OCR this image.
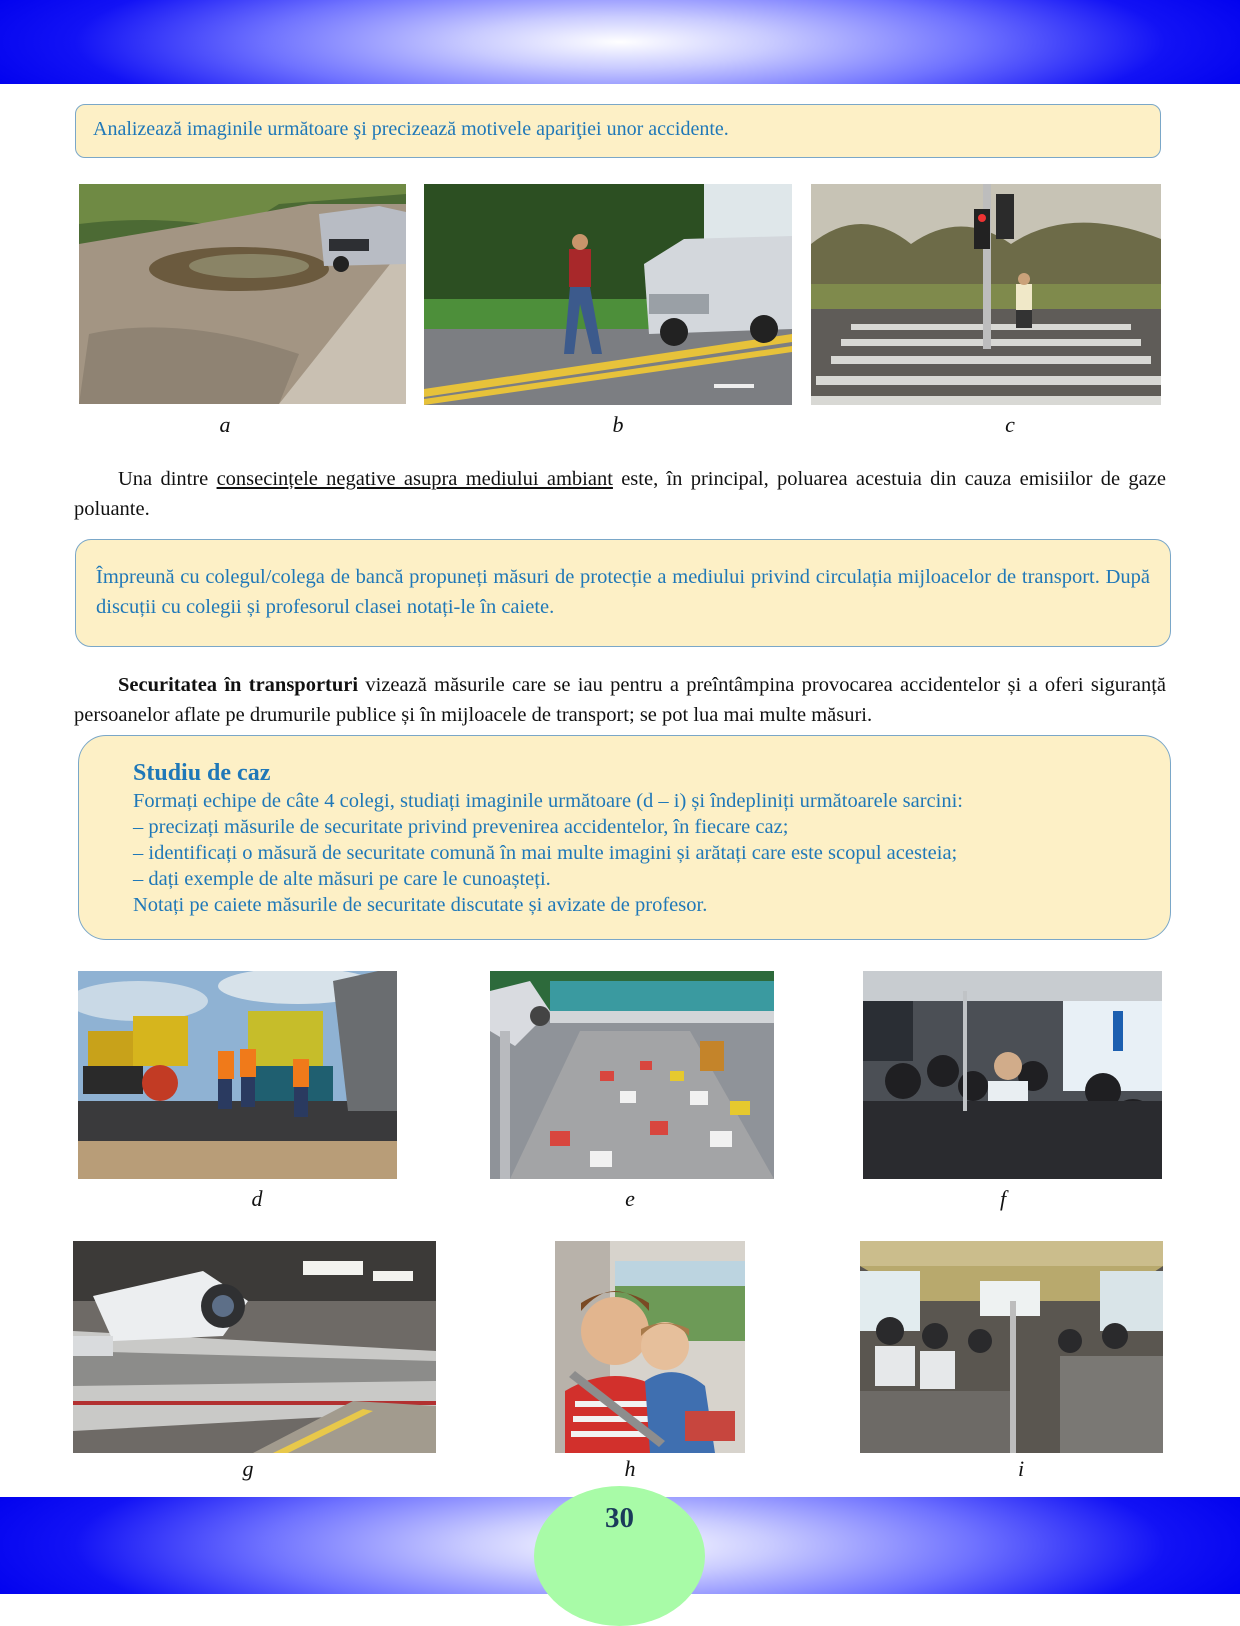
30
Analizează imaginile următoare şi precizează motivele apariţiei unor accidente.
a	b	c
Una dintre consecințele negative asupra mediului ambiant este, în principal, poluarea acestuia din cauza emisiilor de gaze poluante.
Împreună cu colegul/colega de bancă propuneți măsuri de protecție a mediului privind circulația mijloacelor de transport. După discuții cu colegii și profesorul clasei notați-le în caiete.
Securitatea în transporturi vizează măsurile care se iau pentru a preîntâmpina provocarea accidentelor și a oferi siguranță persoanelor aflate pe drumurile publice și în mijloacele de transport; se pot lua mai multe măsuri.
Studiu de caz
Formați echipe de câte 4 colegi, studiați imaginile următoare (d – i) și îndepliniți următoarele sarcini:
– precizați măsurile de securitate privind prevenirea accidentelor, în fiecare caz;
– identificați o măsură de securitate comună în mai multe imagini și arătați care este scopul acesteia;
– dați exemple de alte măsuri pe care le cunoașteți.
Notați pe caiete măsurile de securitate discutate și avizate de profesor.
d	e	f
g	h	i
